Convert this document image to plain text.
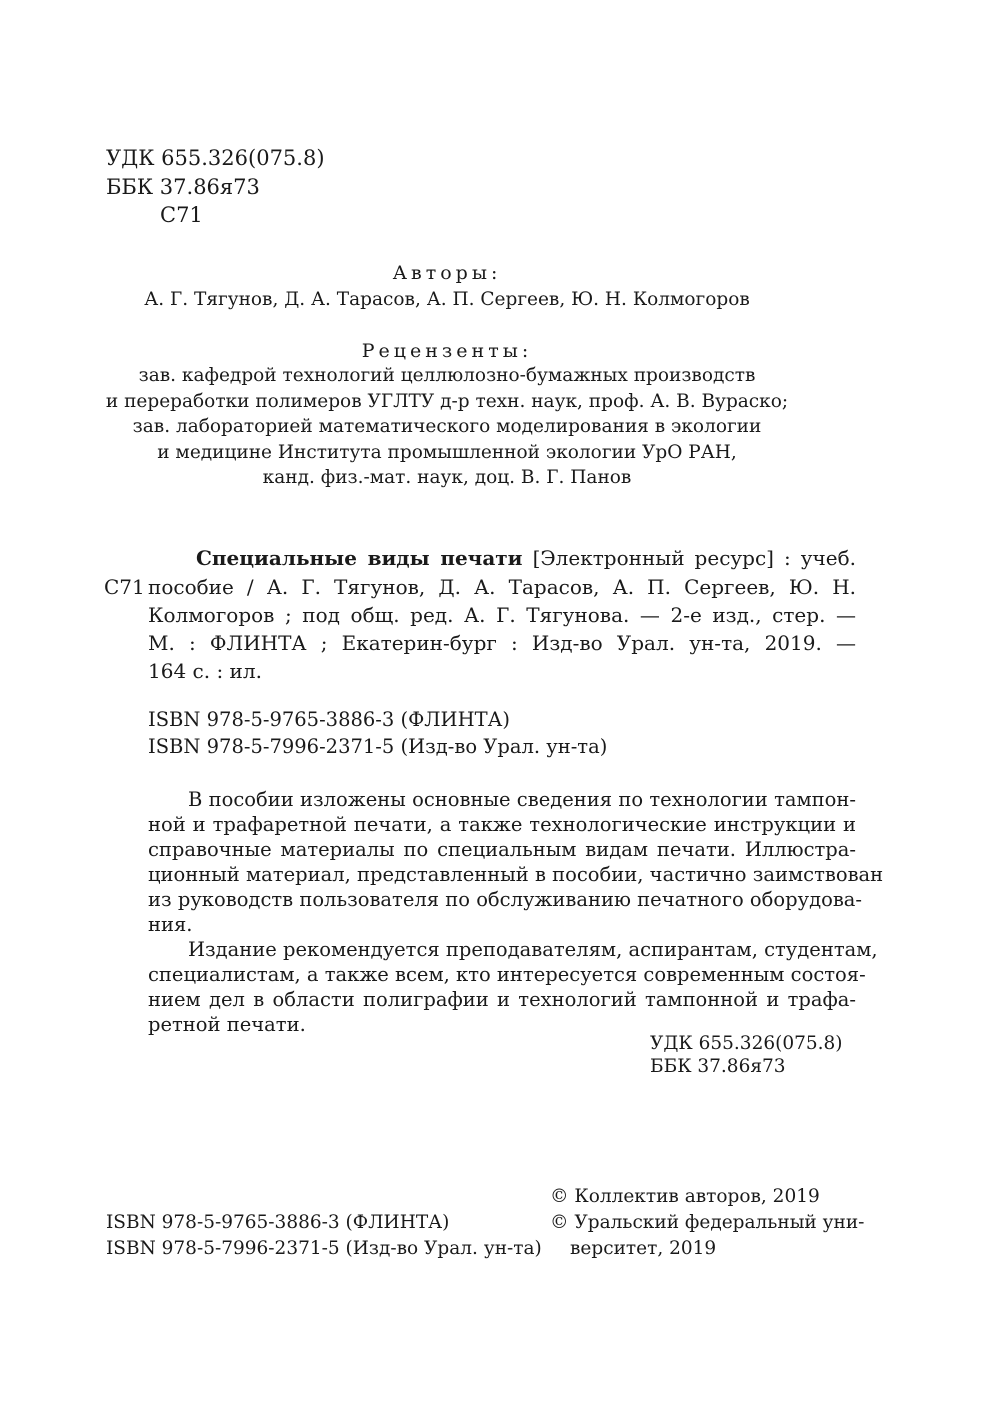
УДК 655.326(075.8)
ББК 37.86я73
С71
Авторы:
А. Г. Тягунов, Д. А. Тарасов, А. П. Сергеев, Ю. Н. Колмогоров
Рецензенты:
зав. кафедрой технологий целлюлозно-бумажных производств
и переработки полимеров УГЛТУ д-р техн. наук, проф. А. В. Вураско;
зав. лабораторией математического моделирования в экологии
и медицине Института промышленной экологии УрО РАН,
канд. физ.-мат. наук, доц. В. Г. Панов
Специальные виды печати [Электронный ресурс] : учеб.
С71 пособие / А. Г. Тягунов, Д. А. Тарасов, А. П. Сергеев, Ю. Н.
Колмогоров ; под общ. ред. А. Г. Тягунова. — 2-е изд., стер. —
М. : ФЛИНТА ; Екатерин-бург : Изд-во Урал. ун-та, 2019. —
164 с. : ил.
ISBN 978-5-9765-3886-3 (ФЛИНТА)
ISBN 978-5-7996-2371-5 (Изд-во Урал. ун-та)
В пособии изложены основные сведения по технологии тампон-
ной и трафаретной печати, а также технологические инструкции и
справочные материалы по специальным видам печати. Иллюстра-
ционный материал, представленный в пособии, частично заимствован
из руководств пользователя по обслуживанию печатного оборудова-
ния.
Издание рекомендуется преподавателям, аспирантам, студентам,
специалистам, а также всем, кто интересуется современным состоя-
нием дел в области полиграфии и технологий тампонной и трафа-
ретной печати.
УДК 655.326(075.8)
ББК 37.86я73
© Коллектив авторов, 2019
ISBN 978-5-9765-3886-3 (ФЛИНТА)	© Уральский федеральный уни-
ISBN 978-5-7996-2371-5 (Изд-во Урал. ун-та) верситет, 2019
